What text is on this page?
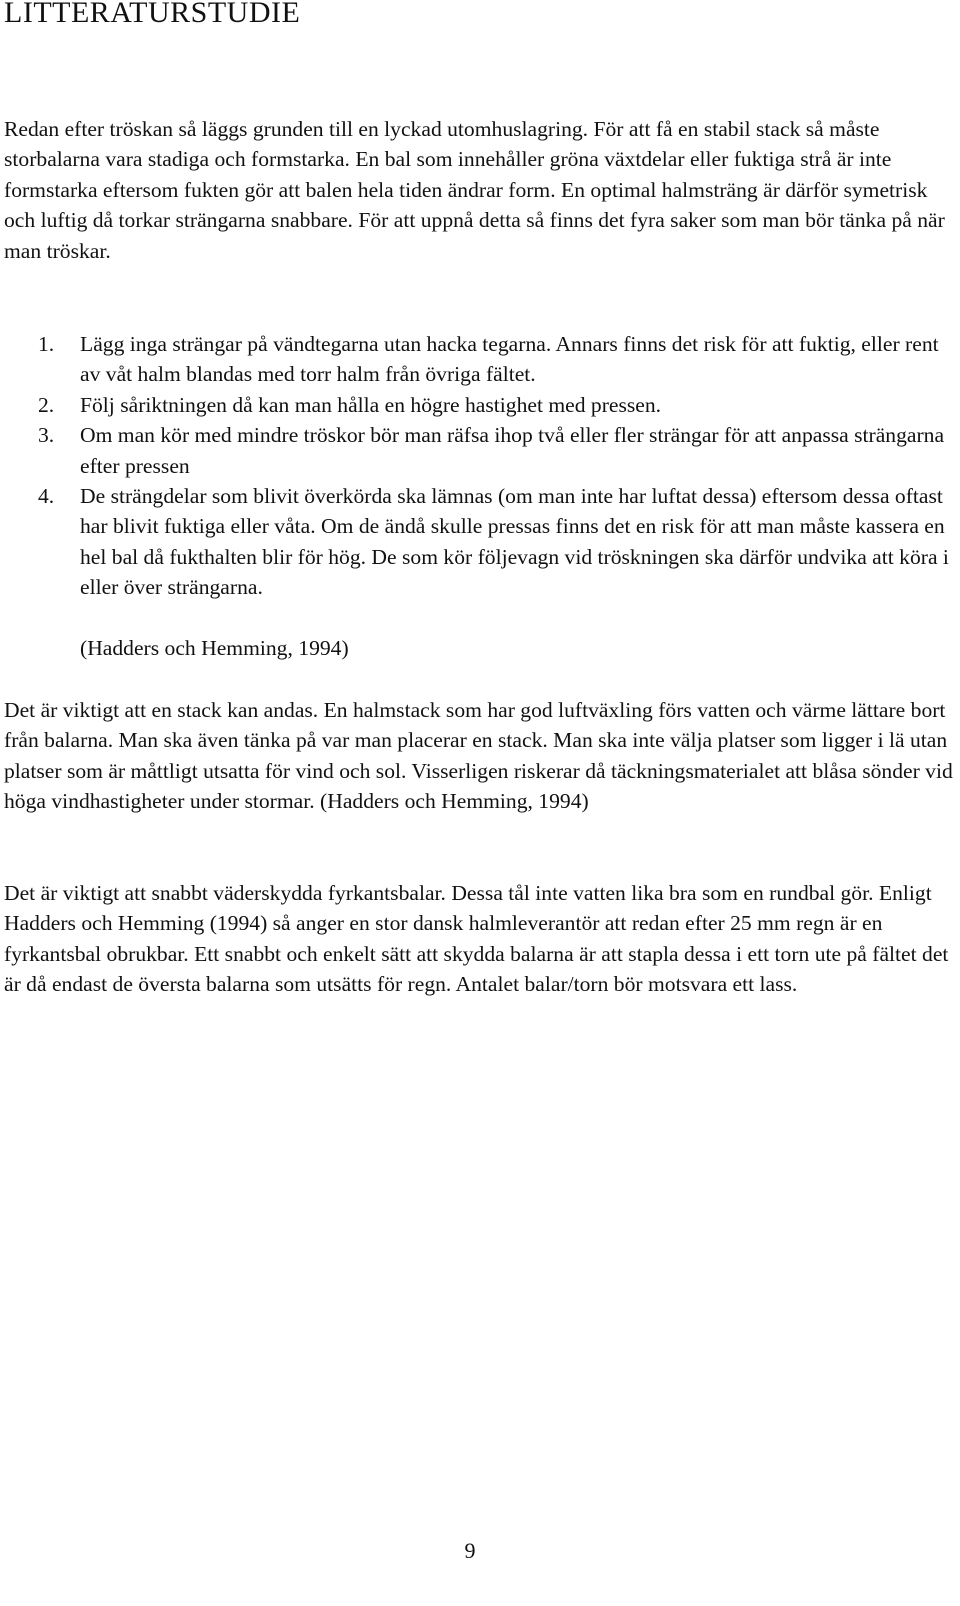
LITTERATURSTUDIE

Redan efter tröskan så läggs grunden till en lyckad utomhuslagring. För att få en stabil stack så måste storbalarna vara stadiga och formstarka. En bal som innehåller gröna växtdelar eller fuktiga strå är inte formstarka eftersom fukten gör att balen hela tiden ändrar form. En optimal halmsträng är därför symetrisk och luftig då torkar strängarna snabbare. För att uppnå detta så finns det fyra saker som man bör tänka på när man tröskar.

1. Lägg inga strängar på vändtegarna utan hacka tegarna. Annars finns det risk för att fuktig, eller rent av våt halm blandas med torr halm från övriga fältet.
2. Följ såriktningen då kan man hålla en högre hastighet med pressen.
3. Om man kör med mindre tröskor bör man räfsa ihop två eller fler strängar för att anpassa strängarna efter pressen
4. De strängdelar som blivit överkörda ska lämnas (om man inte har luftat dessa) eftersom dessa oftast har blivit fuktiga eller våta. Om de ändå skulle pressas finns det en risk för att man måste kassera en hel bal då fukthalten blir för hög. De som kör följevagn vid tröskningen ska därför undvika att köra i eller över strängarna.

(Hadders och Hemming, 1994)

Det är viktigt att en stack kan andas. En halmstack som har god luftväxling förs vatten och värme lättare bort från balarna. Man ska även tänka på var man placerar en stack. Man ska inte välja platser som ligger i lä utan platser som är måttligt utsatta för vind och sol. Visserligen riskerar då täckningsmaterialet att blåsa sönder vid höga vindhastigheter under stormar. (Hadders och Hemming, 1994)

Det är viktigt att snabbt väderskydda fyrkantsbalar. Dessa tål inte vatten lika bra som en rundbal gör. Enligt Hadders och Hemming (1994) så anger en stor dansk halmleverantör att redan efter 25 mm regn är en fyrkantsbal obrukbar. Ett snabbt och enkelt sätt att skydda balarna är att stapla dessa i ett torn ute på fältet det är då endast de översta balarna som utsätts för regn. Antalet balar/torn bör motsvara ett lass.

9
